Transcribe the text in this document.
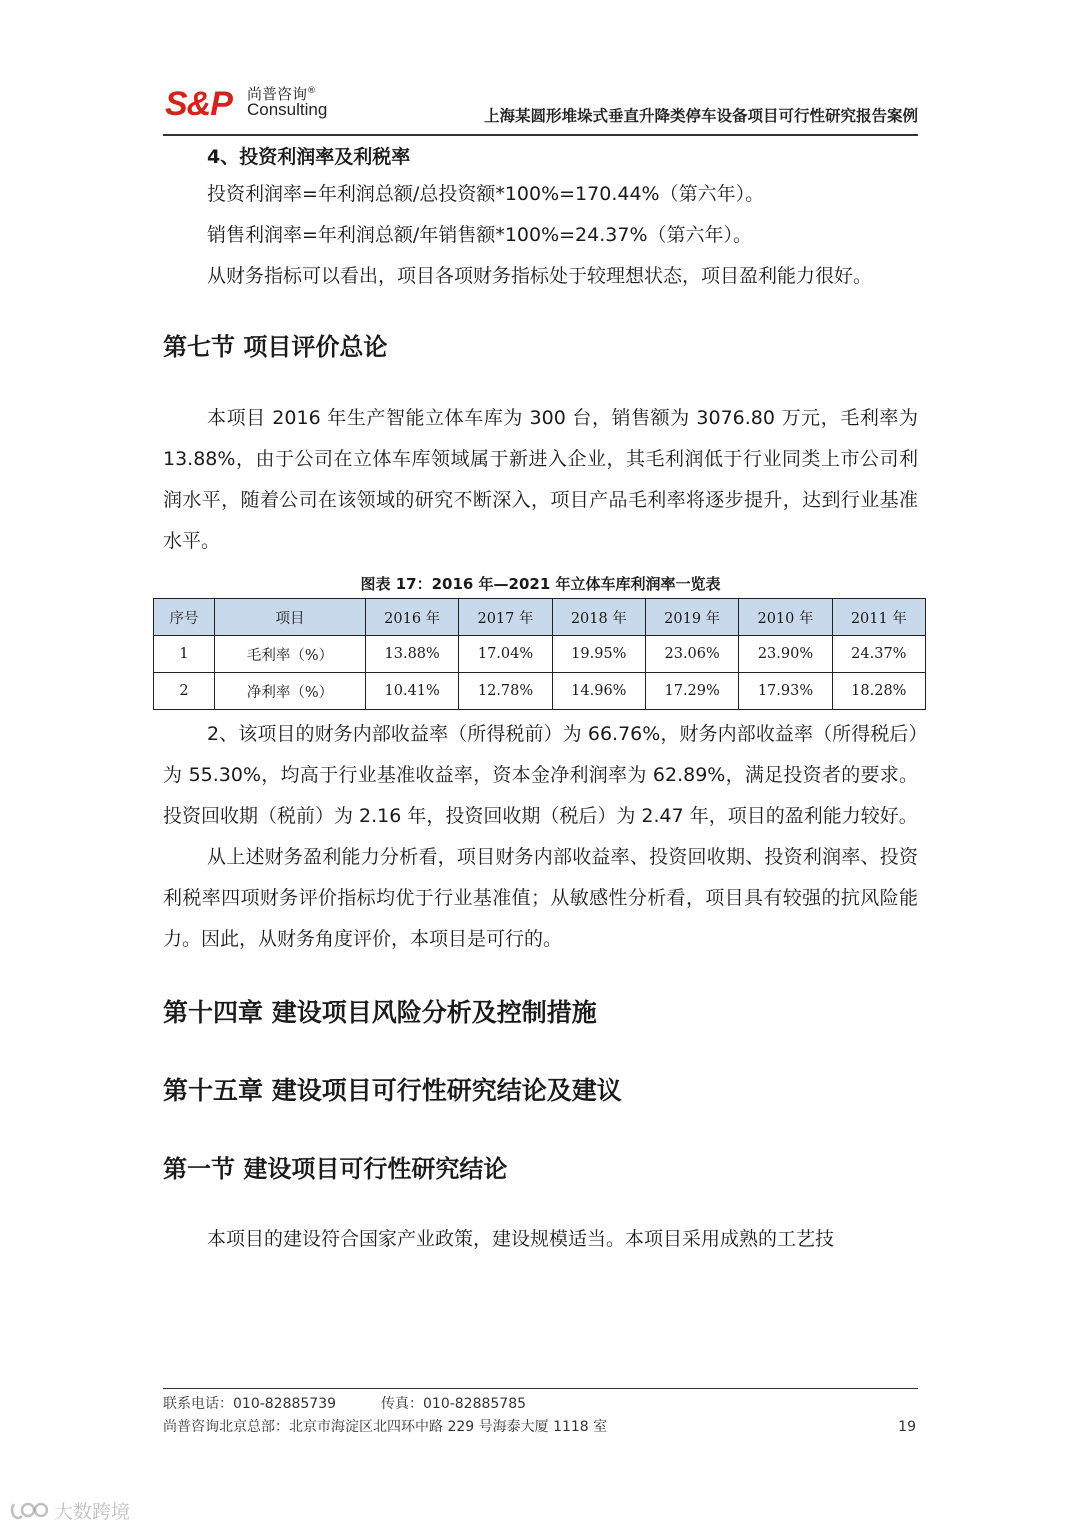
S&P 尚普咨询®
Consulting	上海某圆形堆垛式垂直升降类停车设备项目可行性研究报告案例

4、投资利润率及利税率

投资利润率=年利润总额/总投资额*100%=170.44%（第六年）。

销售利润率=年利润总额/年销售额*100%=24.37%（第六年）。

从财务指标可以看出，项目各项财务指标处于较理想状态，项目盈利能力很好。

第七节 项目评价总论

本项目 2016 年生产智能立体车库为 300 台，销售额为 3076.80 万元，毛利率为 13.88%，由于公司在立体车库领域属于新进入企业，其毛利润低于行业同类上市公司利润水平，随着公司在该领域的研究不断深入，项目产品毛利率将逐步提升，达到行业基准水平。

图表 17：2016 年—2021 年立体车库利润率一览表

序号	项目	2016 年	2017 年	2018 年	2019 年	2010 年	2011 年
1	毛利率（%）	13.88%	17.04%	19.95%	23.06%	23.90%	24.37%
2	净利率（%）	10.41%	12.78%	14.96%	17.29%	17.93%	18.28%

2、该项目的财务内部收益率（所得税前）为 66.76%，财务内部收益率（所得税后）为 55.30%，均高于行业基准收益率，资本金净利润率为 62.89%，满足投资者的要求。投资回收期（税前）为 2.16 年，投资回收期（税后）为 2.47 年，项目的盈利能力较好。

从上述财务盈利能力分析看，项目财务内部收益率、投资回收期、投资利润率、投资利税率四项财务评价指标均优于行业基准值；从敏感性分析看，项目具有较强的抗风险能力。因此，从财务角度评价，本项目是可行的。

第十四章 建设项目风险分析及控制措施
第十五章 建设项目可行性研究结论及建议
第一节 建设项目可行性研究结论

本项目的建设符合国家产业政策，建设规模适当。本项目采用成熟的工艺技

联系电话：010-82885739	传真：010-82885785
尚普咨询北京总部：北京市海淀区北四环中路 229 号海泰大厦 1118 室	19
大数跨境
